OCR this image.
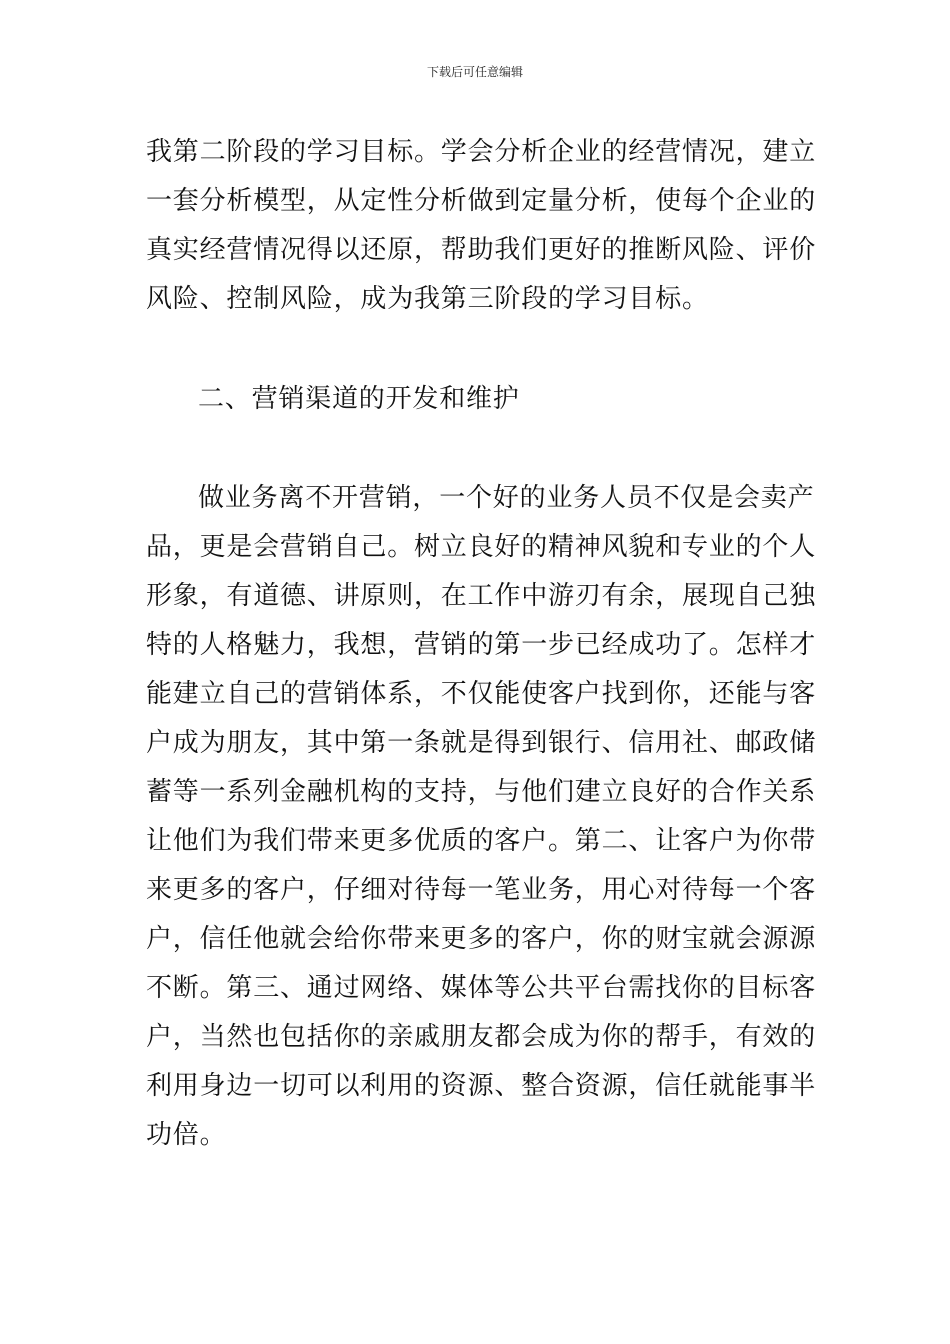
下载后可任意编辑
我第二阶段的学习目标。学会分析企业的经营情况，建立
一套分析模型，从定性分析做到定量分析，使每个企业的
真实经营情况得以还原，帮助我们更好的推断风险、评价
风险、控制风险，成为我第三阶段的学习目标。
二、营销渠道的开发和维护
做业务离不开营销，一个好的业务人员不仅是会卖产
品，更是会营销自己。树立良好的精神风貌和专业的个人
形象，有道德、讲原则，在工作中游刃有余，展现自己独
特的人格魅力，我想，营销的第一步已经成功了。怎样才
能建立自己的营销体系，不仅能使客户找到你，还能与客
户成为朋友，其中第一条就是得到银行、信用社、邮政储
蓄等一系列金融机构的支持，与他们建立良好的合作关系
让他们为我们带来更多优质的客户。第二、让客户为你带
来更多的客户，仔细对待每一笔业务，用心对待每一个客
户，信任他就会给你带来更多的客户，你的财宝就会源源
不断。第三、通过网络、媒体等公共平台需找你的目标客
户，当然也包括你的亲戚朋友都会成为你的帮手，有效的
利用身边一切可以利用的资源、整合资源，信任就能事半
功倍。
